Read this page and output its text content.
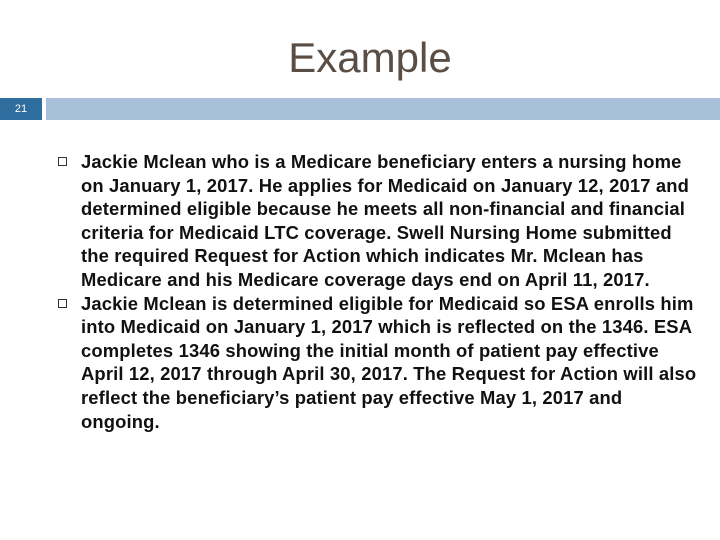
Example
21
Jackie Mclean who is a Medicare beneficiary enters a nursing home on January 1, 2017. He applies for Medicaid on January 12, 2017 and determined eligible because he meets all non-financial and financial criteria for Medicaid LTC coverage. Swell Nursing Home submitted the required Request for Action which indicates Mr. Mclean has Medicare and his Medicare coverage days end on April 11, 2017.
Jackie Mclean is determined eligible for Medicaid so ESA enrolls him into Medicaid on January 1, 2017 which is reflected on the 1346. ESA completes 1346 showing the initial month of patient pay effective April 12, 2017 through April 30, 2017. The Request for Action will also reflect the beneficiary’s patient pay effective May 1, 2017 and ongoing.
